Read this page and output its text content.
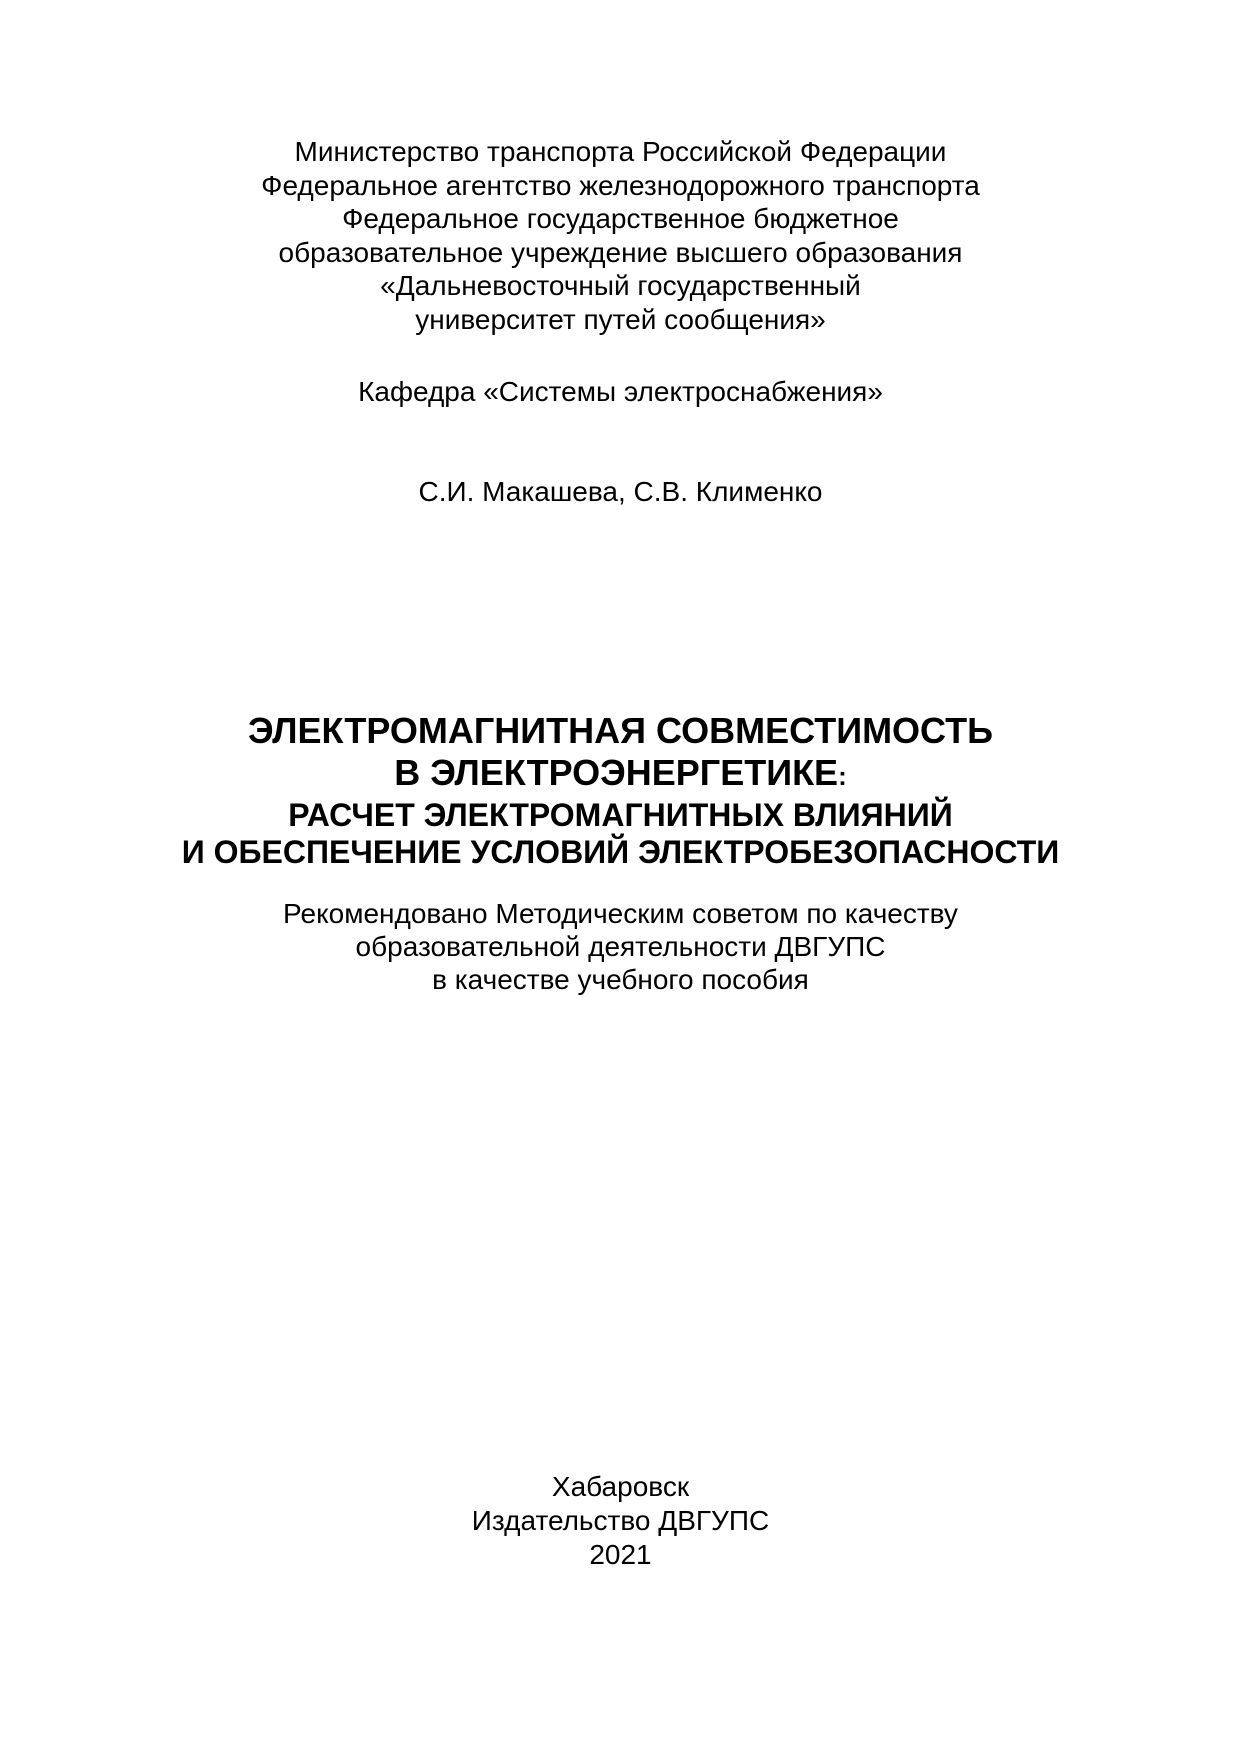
Министерство транспорта Российской Федерации
Федеральное агентство железнодорожного транспорта
Федеральное государственное бюджетное
образовательное учреждение высшего образования
«Дальневосточный государственный
университет путей сообщения»
Кафедра «Системы электроснабжения»
С.И. Макашева, С.В. Клименко
ЭЛЕКТРОМАГНИТНАЯ СОВМЕСТИМОСТЬ
В ЭЛЕКТРОЭНЕРГЕТИКЕ:
РАСЧЕТ ЭЛЕКТРОМАГНИТНЫХ ВЛИЯНИЙ
И ОБЕСПЕЧЕНИЕ УСЛОВИЙ ЭЛЕКТРОБЕЗОПАСНОСТИ
Рекомендовано Методическим советом по качеству
образовательной деятельности ДВГУПС
в качестве учебного пособия
Хабаровск
Издательство ДВГУПС
2021
